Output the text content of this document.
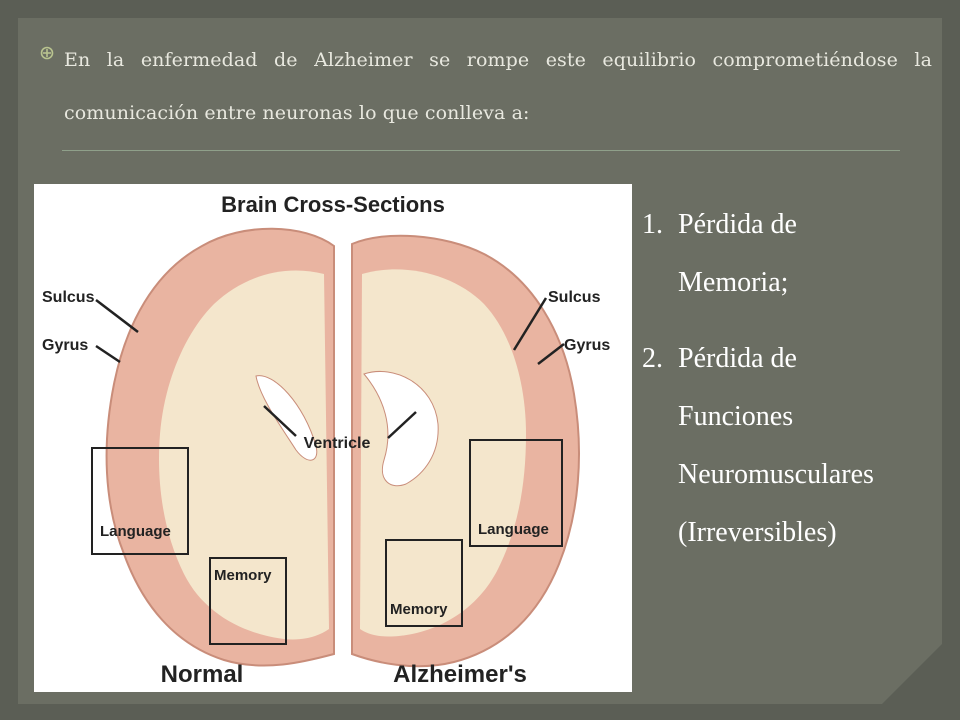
En la enfermedad de Alzheimer se rompe este equilibrio comprometiéndose la comunicación entre neuronas lo que conlleva a:
Brain Cross-Sections
Sulcus
Gyrus
Sulcus
Gyrus
Ventricle
Language	Language
Memory
Memory
Normal	Alzheimer's
1. Pérdida de
Memoria;
2. Pérdida de
Funciones
Neuromusculares
(Irreversibles)
